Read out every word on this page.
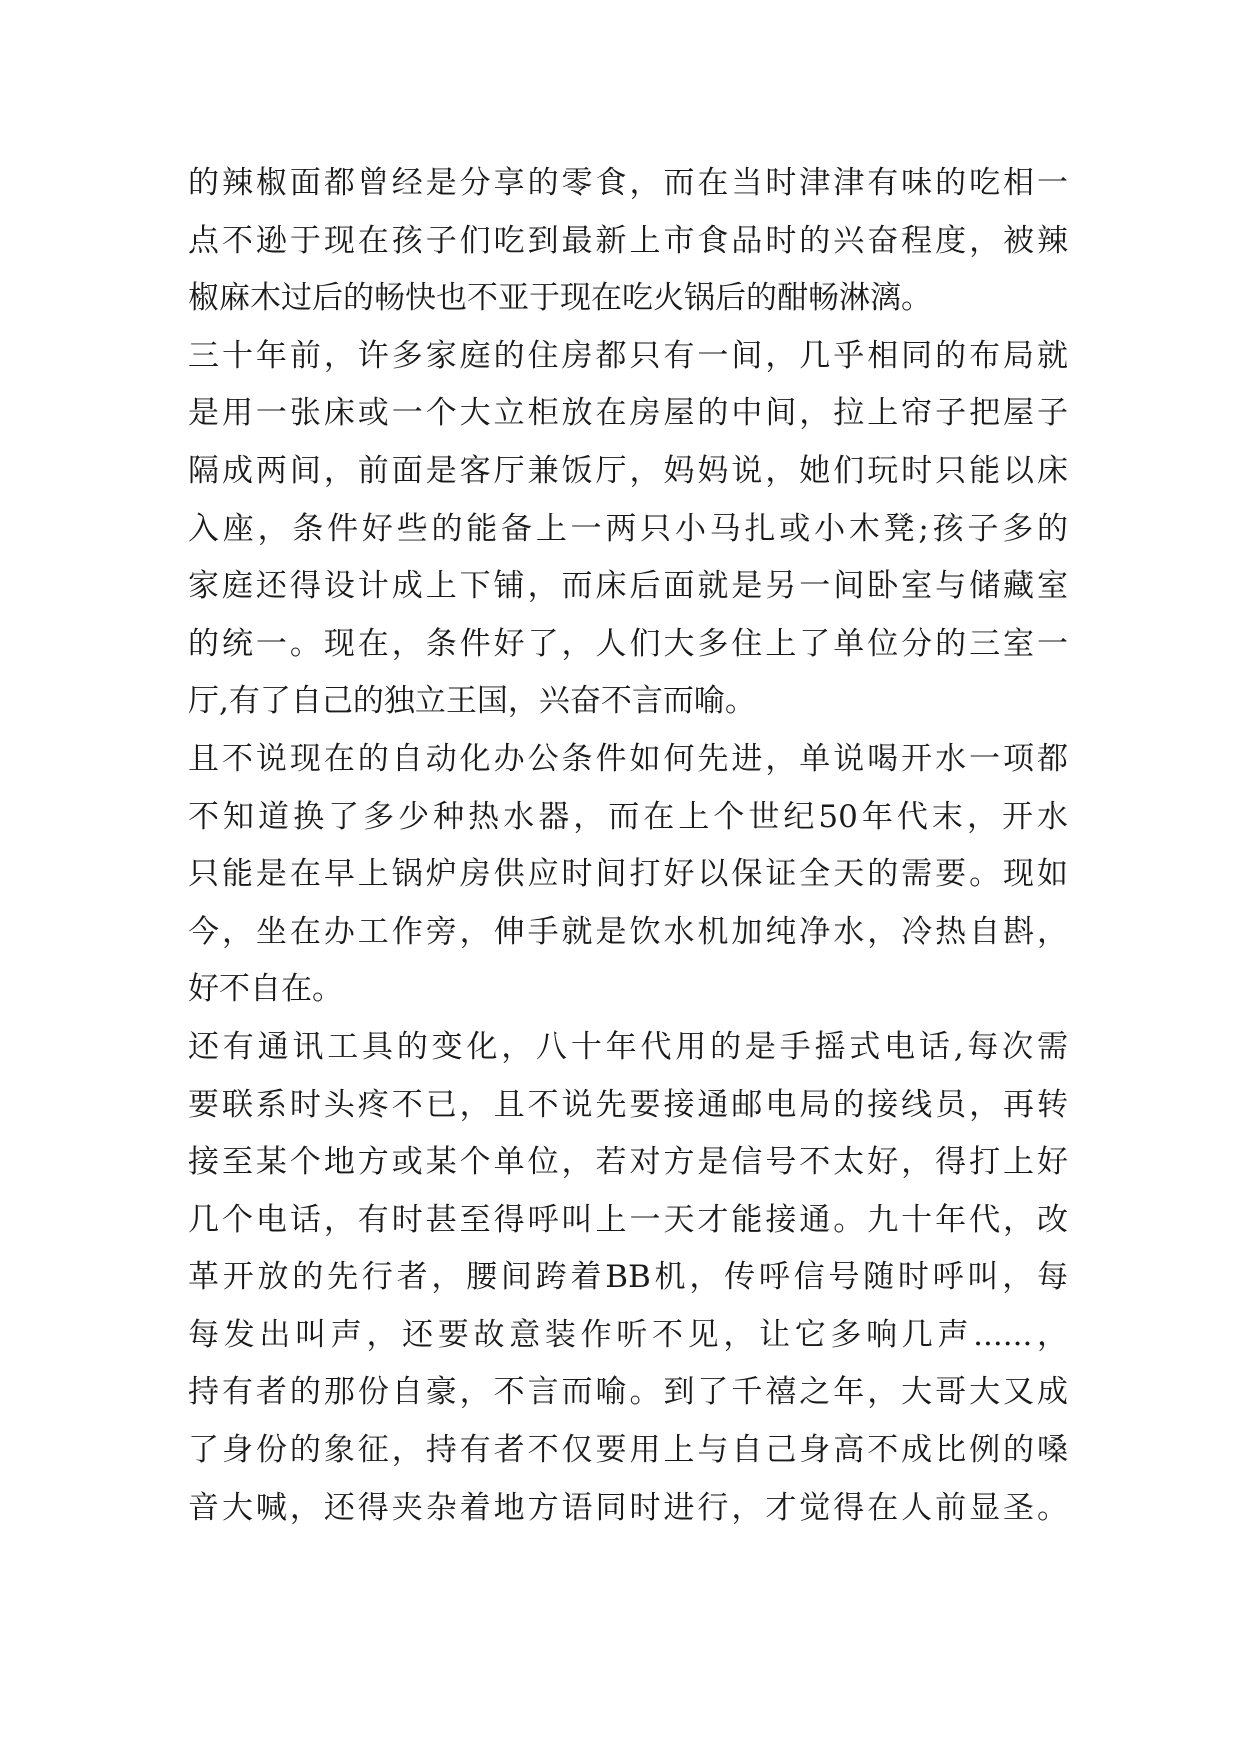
的辣椒面都曾经是分享的零食，而在当时津津有味的吃相一
点不逊于现在孩子们吃到最新上市食品时的兴奋程度，被辣
椒麻木过后的畅快也不亚于现在吃火锅后的酣畅淋漓。
三十年前，许多家庭的住房都只有一间，几乎相同的布局就
是用一张床或一个大立柜放在房屋的中间，拉上帘子把屋子
隔成两间，前面是客厅兼饭厅，妈妈说，她们玩时只能以床
入座，条件好些的能备上一两只小马扎或小木凳;孩子多的
家庭还得设计成上下铺，而床后面就是另一间卧室与储藏室
的统一。现在，条件好了，人们大多住上了单位分的三室一
厅,有了自己的独立王国，兴奋不言而喻。
且不说现在的自动化办公条件如何先进，单说喝开水一项都
不知道换了多少种热水器，而在上个世纪50年代末，开水
只能是在早上锅炉房供应时间打好以保证全天的需要。现如
今，坐在办工作旁，伸手就是饮水机加纯净水，冷热自斟，
好不自在。
还有通讯工具的变化，八十年代用的是手摇式电话,每次需
要联系时头疼不已，且不说先要接通邮电局的接线员，再转
接至某个地方或某个单位，若对方是信号不太好，得打上好
几个电话，有时甚至得呼叫上一天才能接通。九十年代，改
革开放的先行者，腰间跨着BB机，传呼信号随时呼叫，每
每发出叫声，还要故意装作听不见，让它多响几声......，
持有者的那份自豪，不言而喻。到了千禧之年，大哥大又成
了身份的象征，持有者不仅要用上与自己身高不成比例的嗓
音大喊，还得夹杂着地方语同时进行，才觉得在人前显圣。
